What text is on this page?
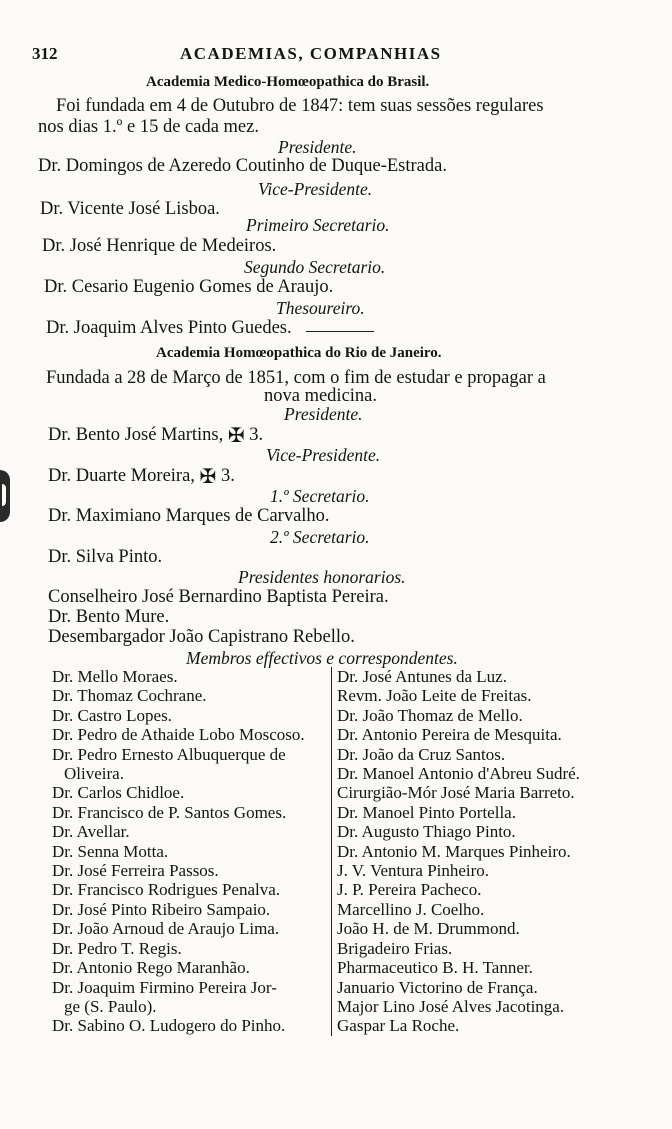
312	ACADEMIAS, COMPANHIAS
Academia Medico-Homœopathica do Brasil.
Foi fundada em 4 de Outubro de 1847: tem suas sessões regulares
nos dias 1.º e 15 de cada mez.
Presidente.
Dr. Domingos de Azeredo Coutinho de Duque-Estrada.
Vice-Presidente.
Dr. Vicente José Lisboa.
Primeiro Secretario.
Dr. José Henrique de Medeiros.
Segundo Secretario.
Dr. Cesario Eugenio Gomes de Araujo.
Thesoureiro.
Dr. Joaquim Alves Pinto Guedes.
Academia Homœopathica do Rio de Janeiro.
Fundada a 28 de Março de 1851, com o fim de estudar e propagar a
nova medicina.
Presidente.
Dr. Bento José Martins, ✠ 3.
Vice-Presidente.
Dr. Duarte Moreira, ✠ 3.
1.º Secretario.
Dr. Maximiano Marques de Carvalho.
2.º Secretario.
Dr. Silva Pinto.
Presidentes honorarios.
Conselheiro José Bernardino Baptista Pereira.
Dr. Bento Mure.
Desembargador João Capistrano Rebello.
Membros effectivos e correspondentes.
Dr. Mello Moraes.
Dr. Thomaz Cochrane.
Dr. Castro Lopes.
Dr. Pedro de Athaide Lobo Moscoso.
Dr. Pedro Ernesto Albuquerque de
Oliveira.
Dr. Carlos Chidloe.
Dr. Francisco de P. Santos Gomes.
Dr. Avellar.
Dr. Senna Motta.
Dr. José Ferreira Passos.
Dr. Francisco Rodrigues Penalva.
Dr. José Pinto Ribeiro Sampaio.
Dr. João Arnoud de Araujo Lima.
Dr. Pedro T. Regis.
Dr. Antonio Rego Maranhão.
Dr. Joaquim Firmino Pereira Jor-
ge (S. Paulo).
Dr. Sabino O. Ludogero do Pinho.
Dr. José Antunes da Luz.
Revm. João Leite de Freitas.
Dr. João Thomaz de Mello.
Dr. Antonio Pereira de Mesquita.
Dr. João da Cruz Santos.
Dr. Manoel Antonio d'Abreu Sudré.
Cirurgião-Mór José Maria Barreto.
Dr. Manoel Pinto Portella.
Dr. Augusto Thiago Pinto.
Dr. Antonio M. Marques Pinheiro.
J. V. Ventura Pinheiro.
J. P. Pereira Pacheco.
Marcellino J. Coelho.
João H. de M. Drummond.
Brigadeiro Frias.
Pharmaceutico B. H. Tanner.
Januario Victorino de França.
Major Lino José Alves Jacotinga.
Gaspar La Roche.
